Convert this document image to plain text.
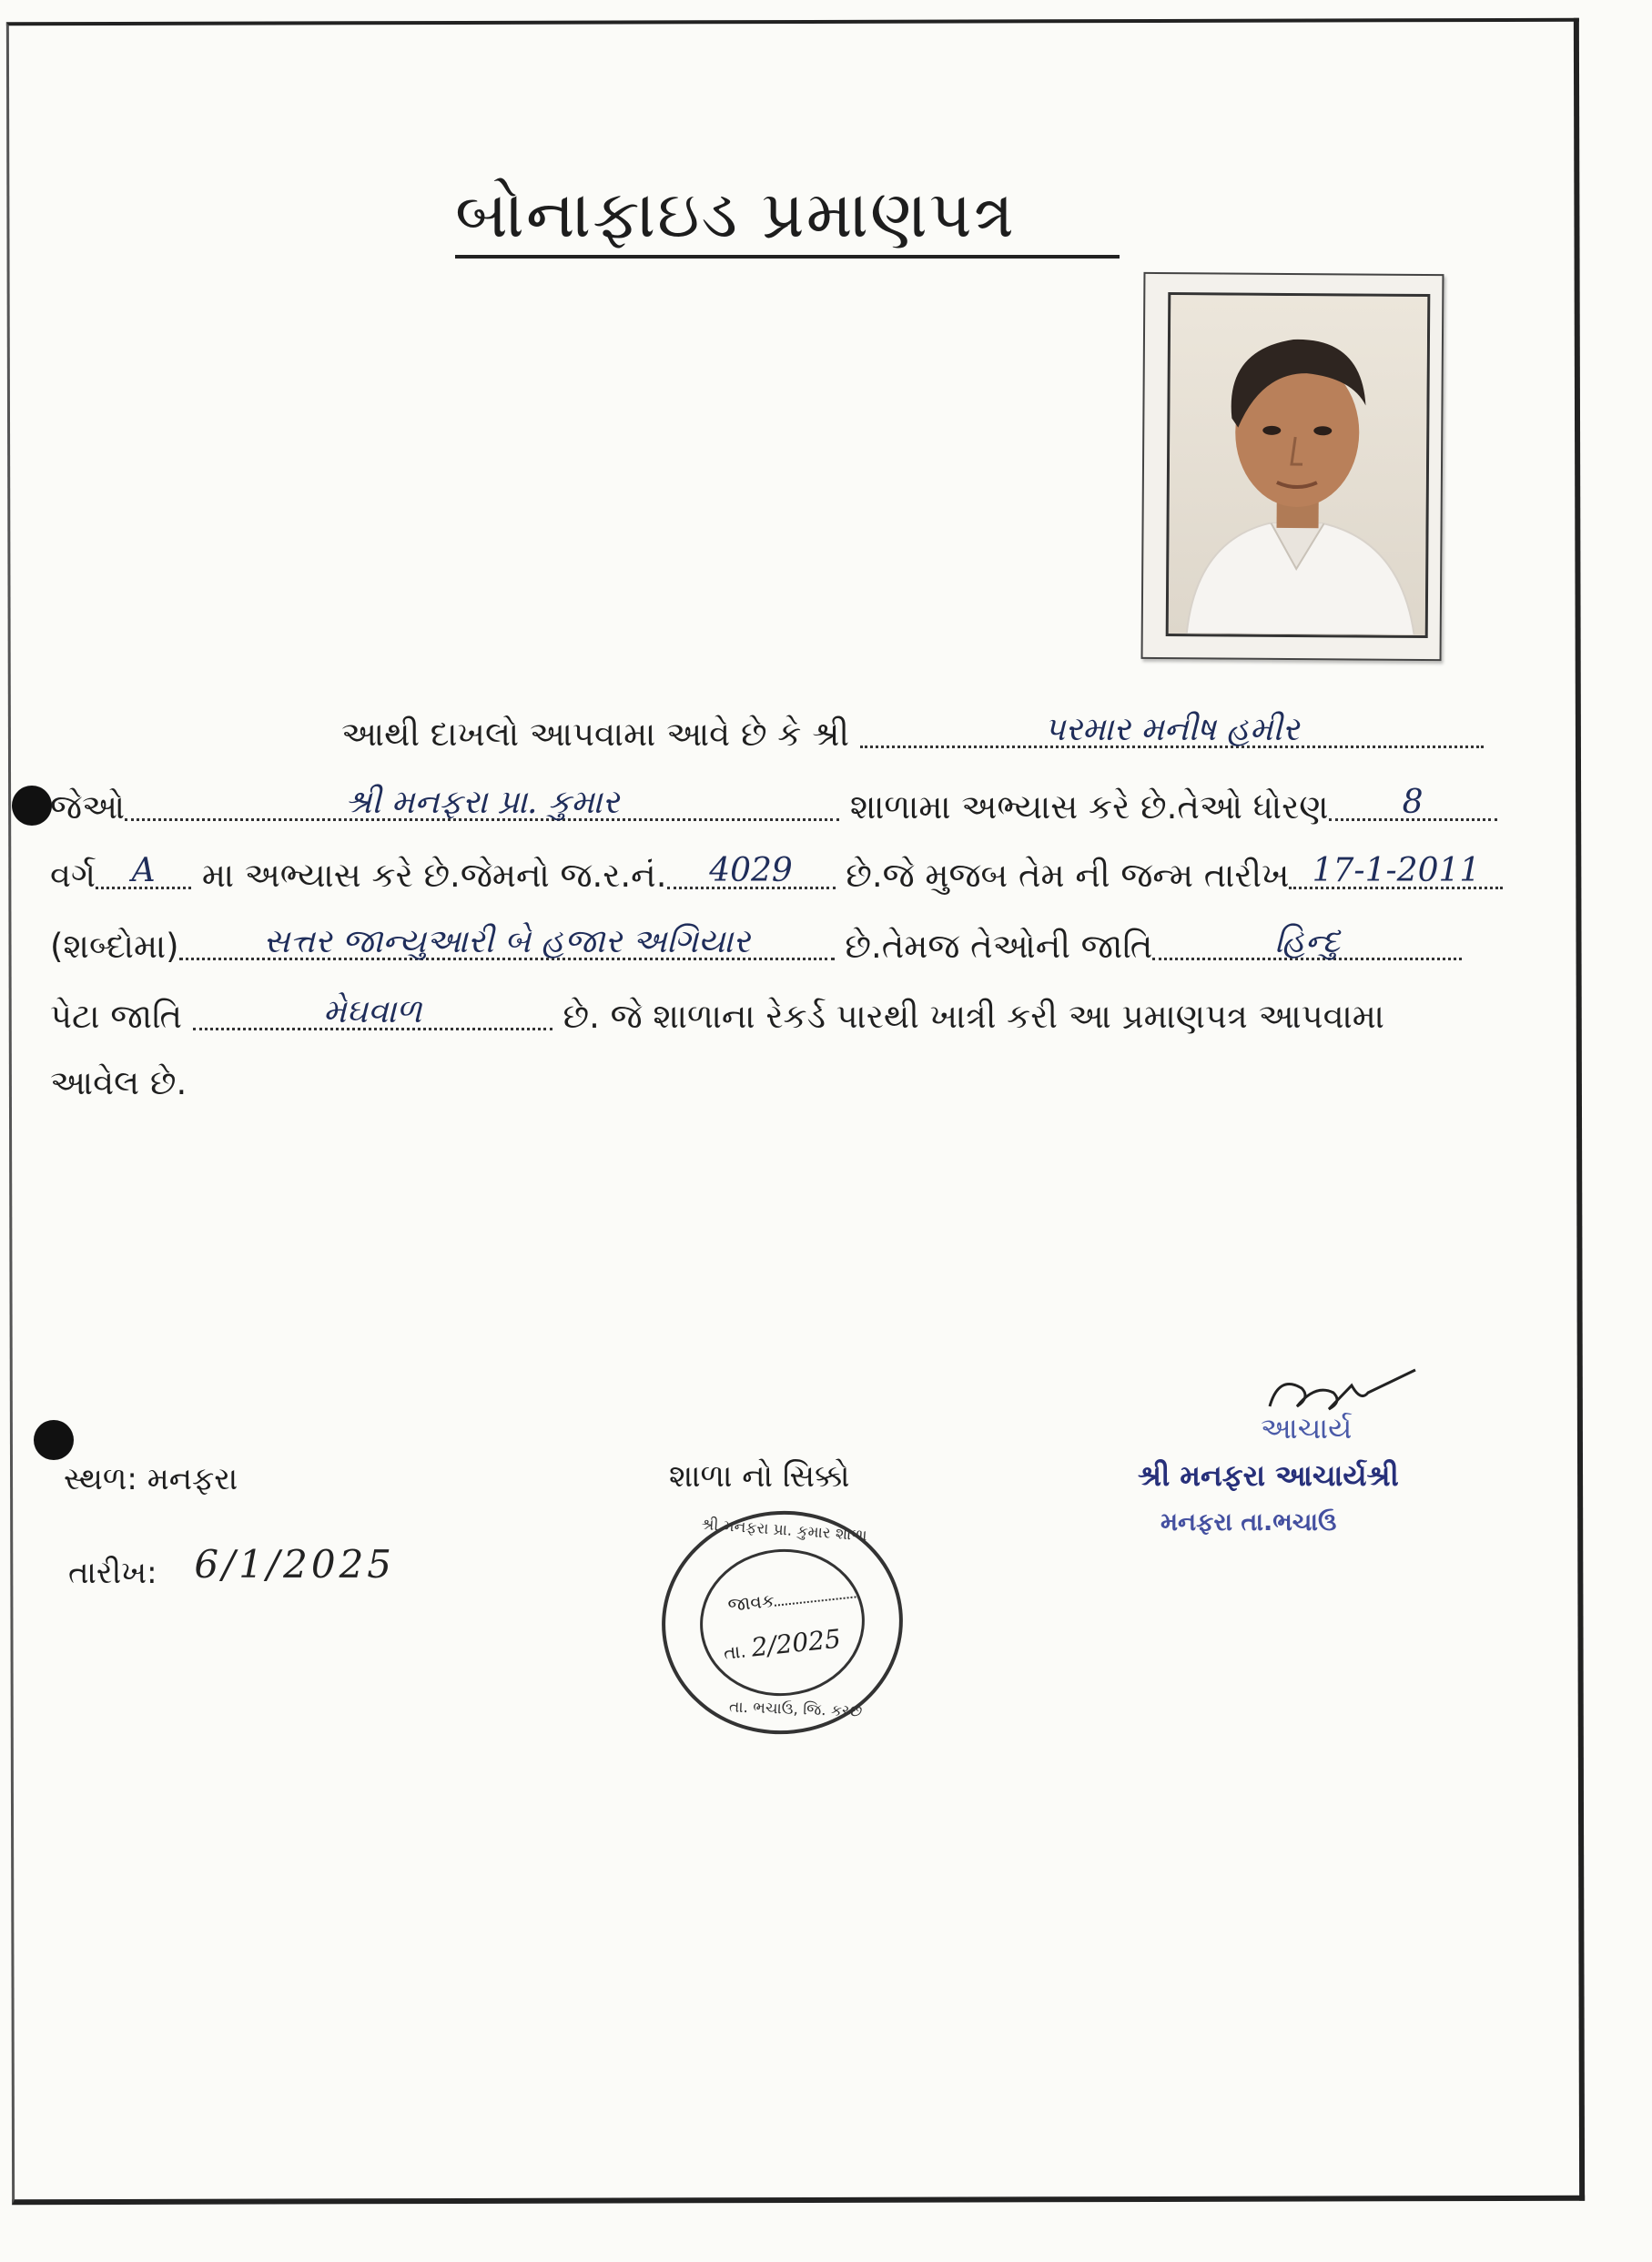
બોનાફાઇડ પ્રમાણપત્ર
આથી દાખલો આપવામા આવે છે કે શ્રી	પરમાર મનીષ હમીર
જેઓ	શ્રી મનફરા પ્રા. કુમાર	શાળામા અભ્યાસ કરે છે.તેઓ ધોરણ 8
વર્ગ A મા અભ્યાસ કરે છે.જેમનો જ.ર.નં. 4029 છે.જે મુજબ તેમ ની જન્મ તારીખ 17-1-2011
(શબ્દોમા)	સત્તર જાન્યુઆરી બે હજાર અગિયાર	છે.તેમજ તેઓની જાતિ	હિન્દુ
પેટા જાતિ	મેઘવાળ	છે. જે શાળાના રેકર્ડ પારથી ખાત્રી કરી આ પ્રમાણપત્ર આપવામા
આવેલ છે.
સ્થળ: મનફરા
તારીખ: 6/1/2025
શાળા નો સિક્કો
શ્રી મનફરા પ્રા. કુમાર શાળા
તા. ભચાઉ, જિ. કચ્છ
જાવક
તા. 2/2025
આચાર્ય
શ્રી મનફરા આચાર્યશ્રી
મનફરા તા.ભચાઉ
